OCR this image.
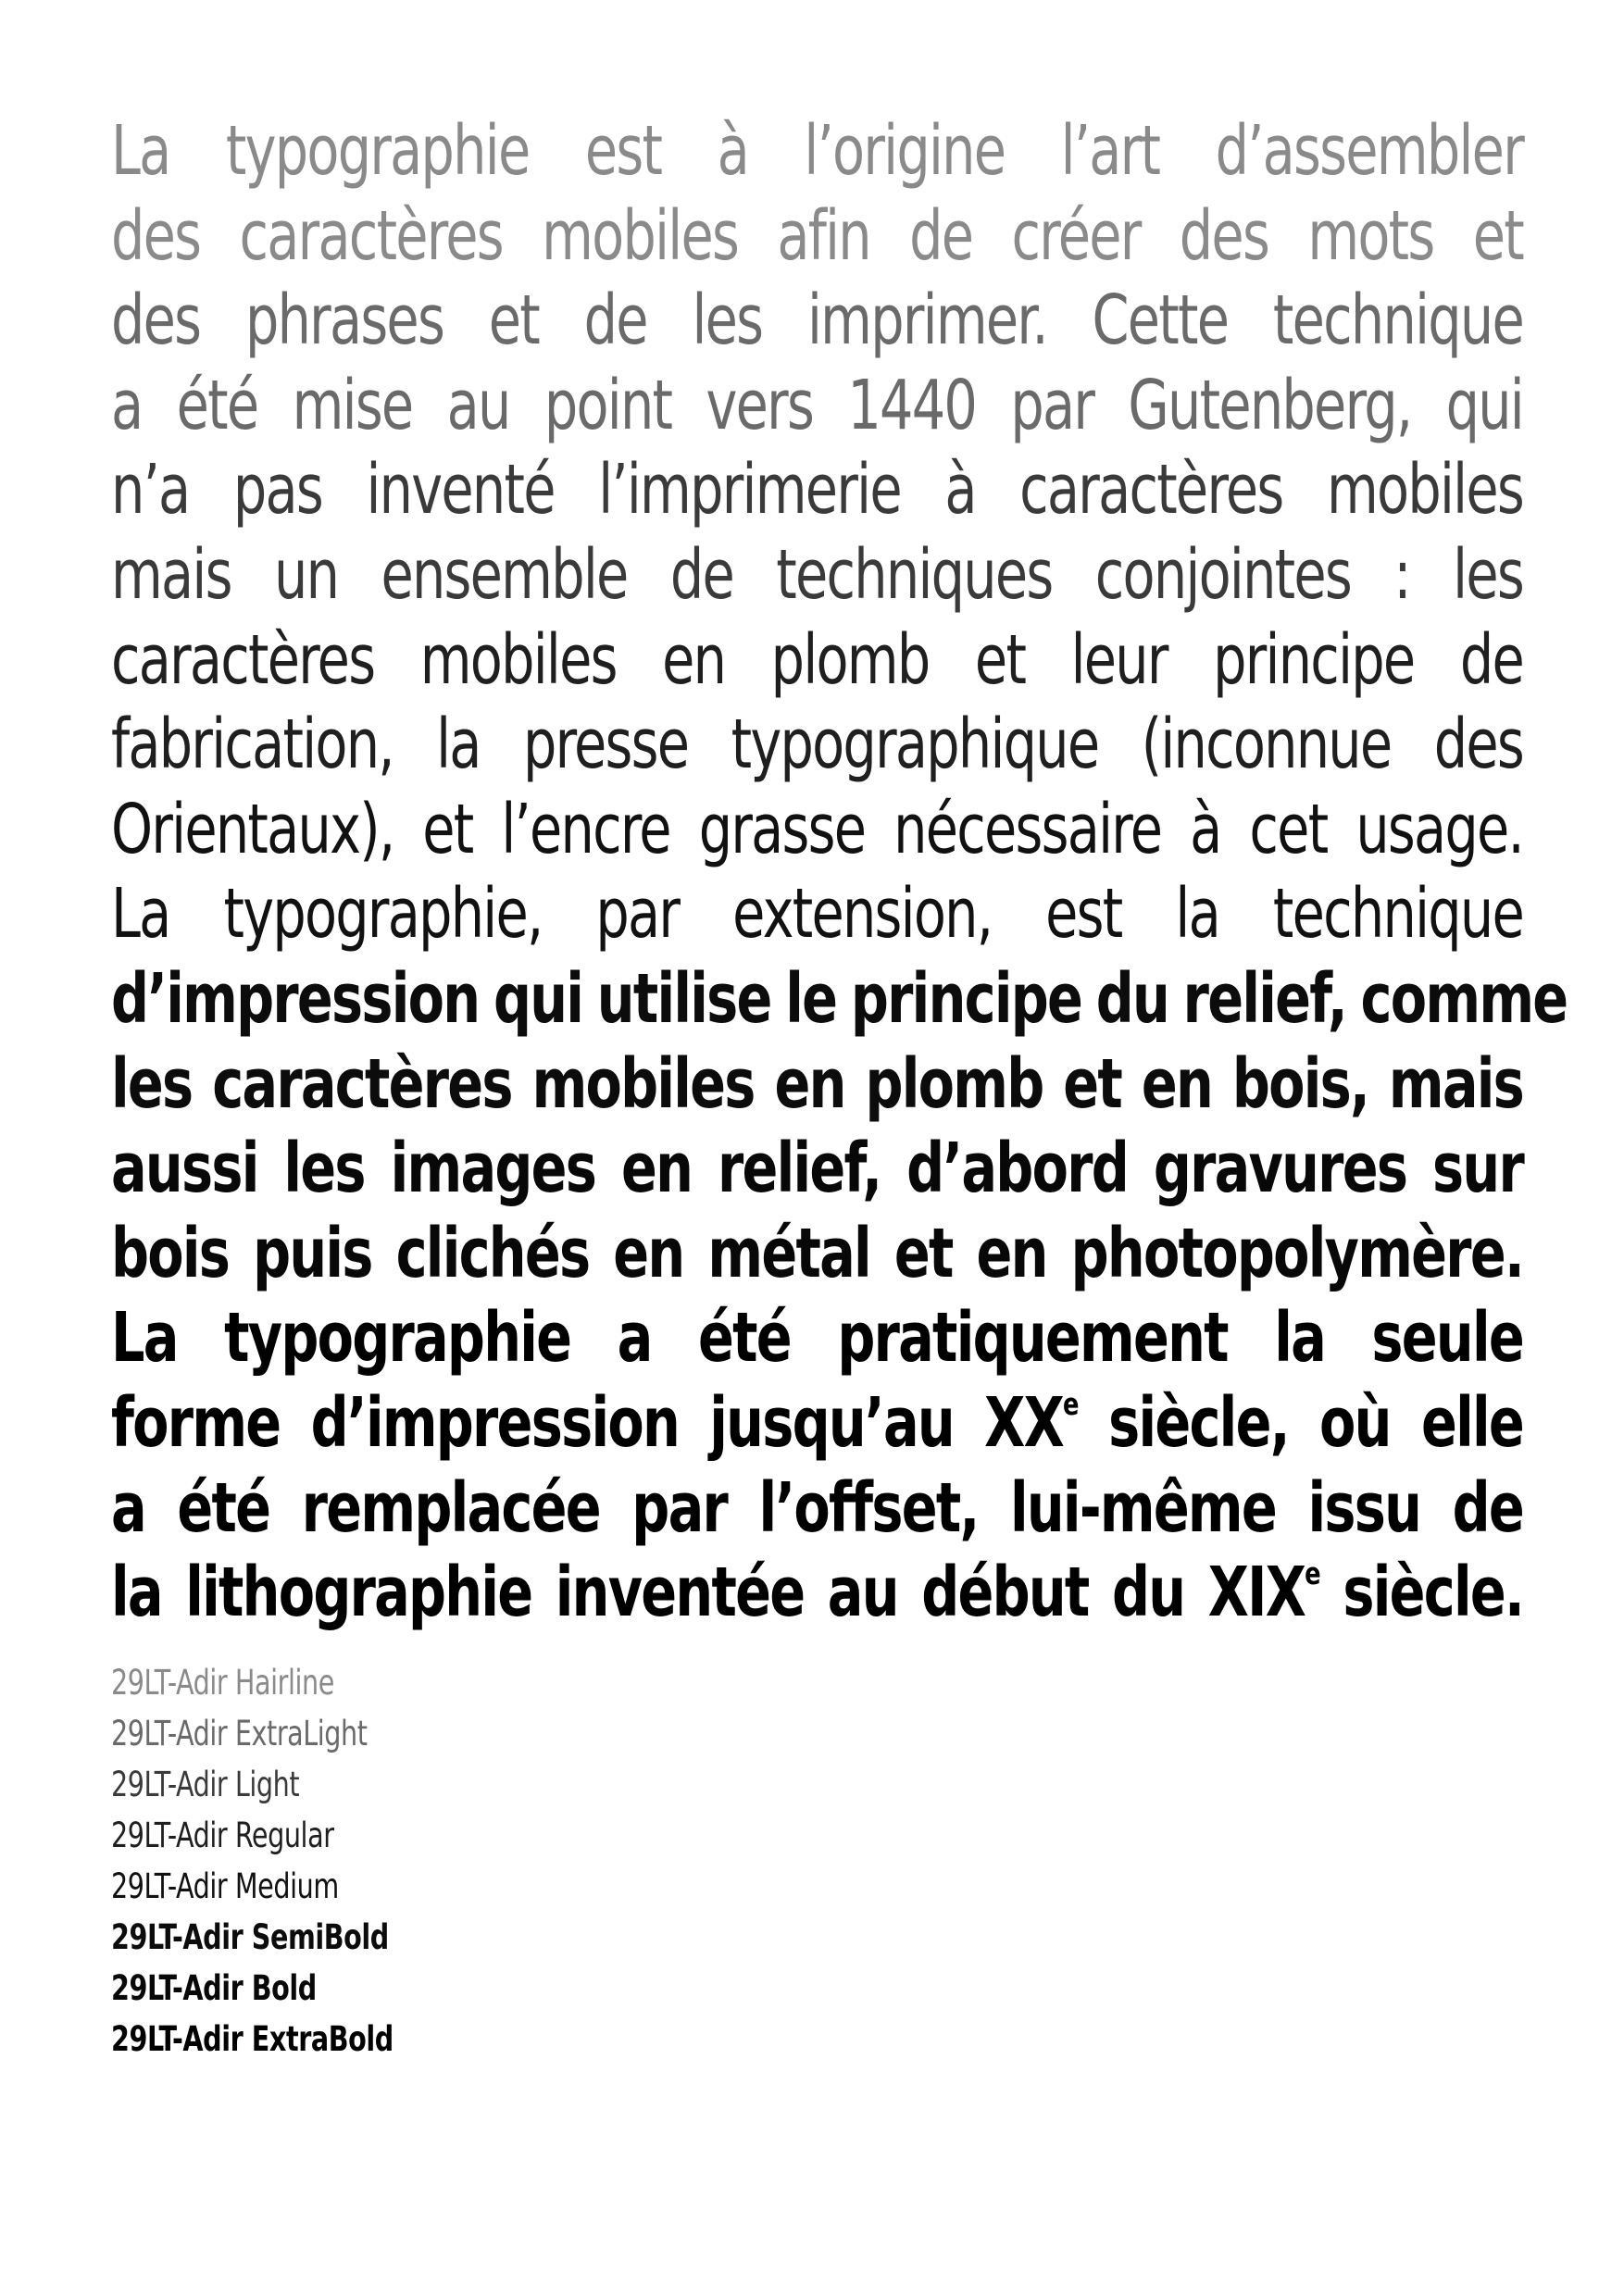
La typographie est à l’origine l’art d’assembler
des caractères mobiles afin de créer des mots et
des phrases et de les imprimer. Cette technique
a été mise au point vers 1440 par Gutenberg, qui
n’a pas inventé l’imprimerie à caractères mobiles
mais un ensemble de techniques conjointes : les
caractères mobiles en plomb et leur principe de
fabrication, la presse typographique (inconnue des
Orientaux), et l’encre grasse nécessaire à cet usage.
La typographie, par extension, est la technique
d’impression qui utilise le principe du relief, comme
les caractères mobiles en plomb et en bois, mais
aussi les images en relief, d’abord gravures sur
bois puis clichés en métal et en photopolymère.
La typographie a été pratiquement la seule
forme d’impression jusqu’au XXe siècle, où elle
a été remplacée par l’offset, lui-même issu de
la lithographie inventée au début du XIXe siècle.
29LT-Adir Hairline
29LT-Adir ExtraLight
29LT-Adir Light
29LT-Adir Regular
29LT-Adir Medium
29LT-Adir SemiBold
29LT-Adir Bold
29LT-Adir ExtraBold
